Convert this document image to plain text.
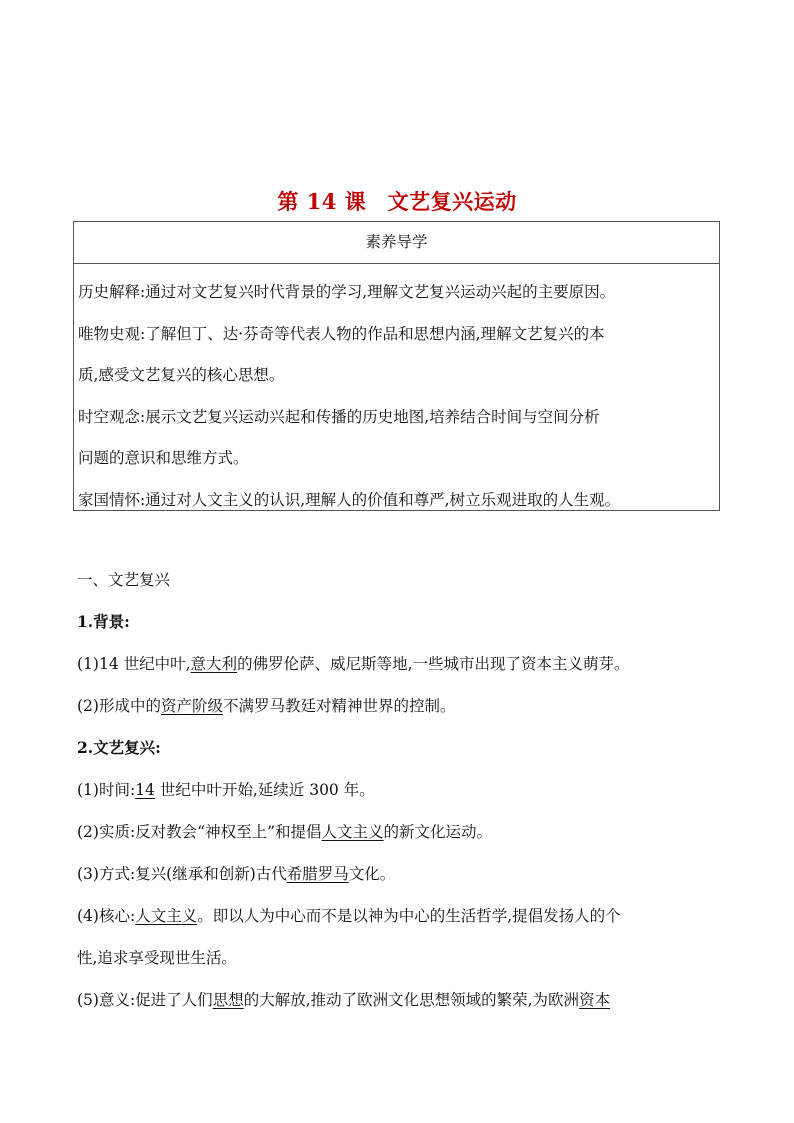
第 14 课　文艺复兴运动
素养导学
历史解释:通过对文艺复兴时代背景的学习,理解文艺复兴运动兴起的主要原因。
唯物史观:了解但丁、达·芬奇等代表人物的作品和思想内涵,理解文艺复兴的本
质,感受文艺复兴的核心思想。
时空观念:展示文艺复兴运动兴起和传播的历史地图,培养结合时间与空间分析
问题的意识和思维方式。
家国情怀:通过对人文主义的认识,理解人的价值和尊严,树立乐观进取的人生观。
一、文艺复兴
1.背景:
(1)14 世纪中叶,意大利的佛罗伦萨、威尼斯等地,一些城市出现了资本主义萌芽。
(2)形成中的资产阶级不满罗马教廷对精神世界的控制。
2.文艺复兴:
(1)时间:14 世纪中叶开始,延续近 300 年。
(2)实质:反对教会“神权至上”和提倡人文主义的新文化运动。
(3)方式:复兴(继承和创新)古代希腊罗马文化。
(4)核心:人文主义。即以人为中心而不是以神为中心的生活哲学,提倡发扬人的个
性,追求享受现世生活。
(5)意义:促进了人们思想的大解放,推动了欧洲文化思想领域的繁荣,为欧洲资本
